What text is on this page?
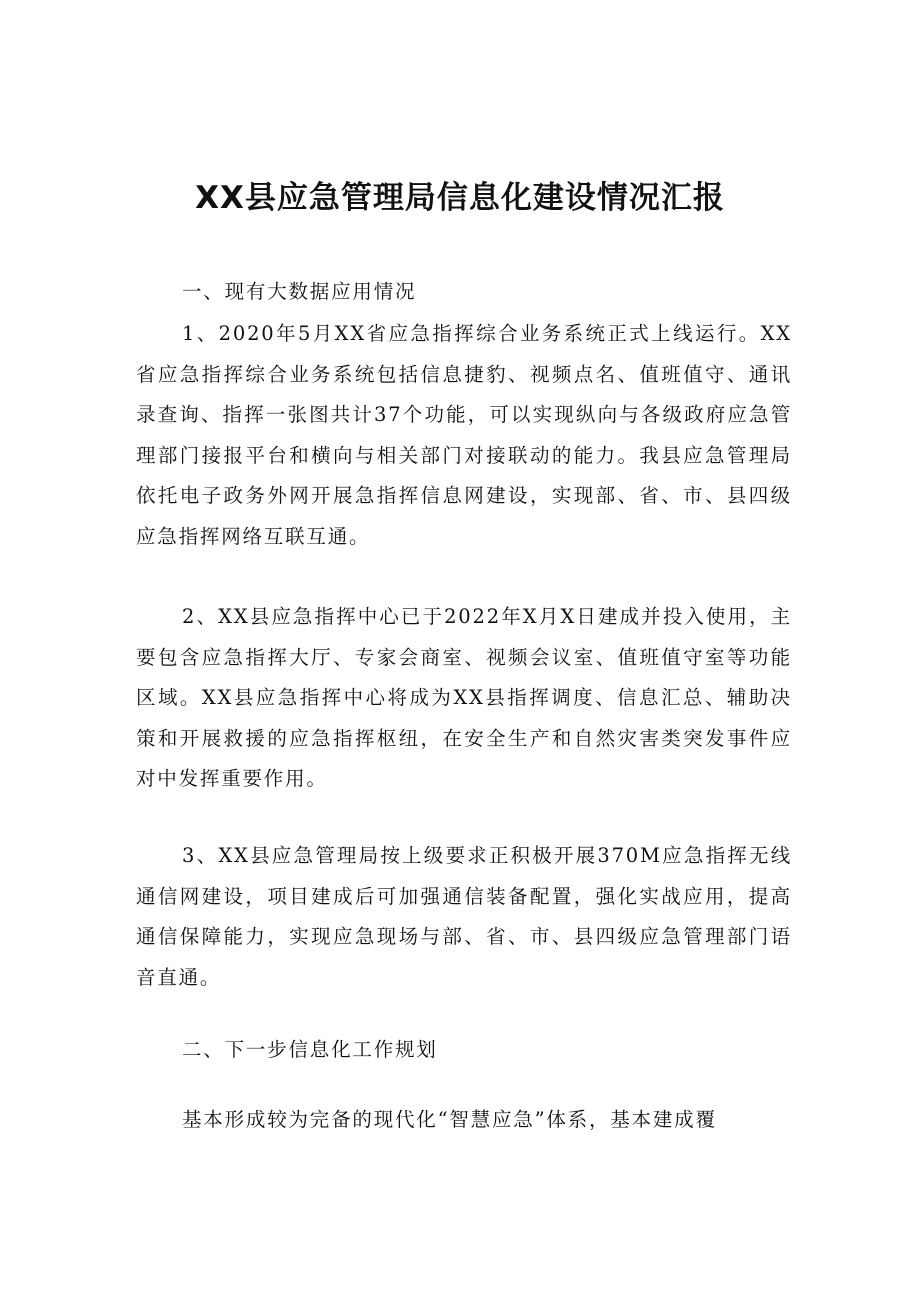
XX县应急管理局信息化建设情况汇报

一、现有大数据应用情况

1、2020年5月XX省应急指挥综合业务系统正式上线运行。XX省应急指挥综合业务系统包括信息捷豹、视频点名、值班值守、通讯录查询、指挥一张图共计37个功能，可以实现纵向与各级政府应急管理部门接报平台和横向与相关部门对接联动的能力。我县应急管理局依托电子政务外网开展急指挥信息网建设，实现部、省、市、县四级应急指挥网络互联互通。

2、XX县应急指挥中心已于2022年X月X日建成并投入使用，主要包含应急指挥大厅、专家会商室、视频会议室、值班值守室等功能区域。XX县应急指挥中心将成为XX县指挥调度、信息汇总、辅助决策和开展救援的应急指挥枢纽，在安全生产和自然灾害类突发事件应对中发挥重要作用。

3、XX县应急管理局按上级要求正积极开展370M应急指挥无线通信网建设，项目建成后可加强通信装备配置，强化实战应用，提高通信保障能力，实现应急现场与部、省、市、县四级应急管理部门语音直通。

二、下一步信息化工作规划

基本形成较为完备的现代化“智慧应急”体系，基本建成覆
